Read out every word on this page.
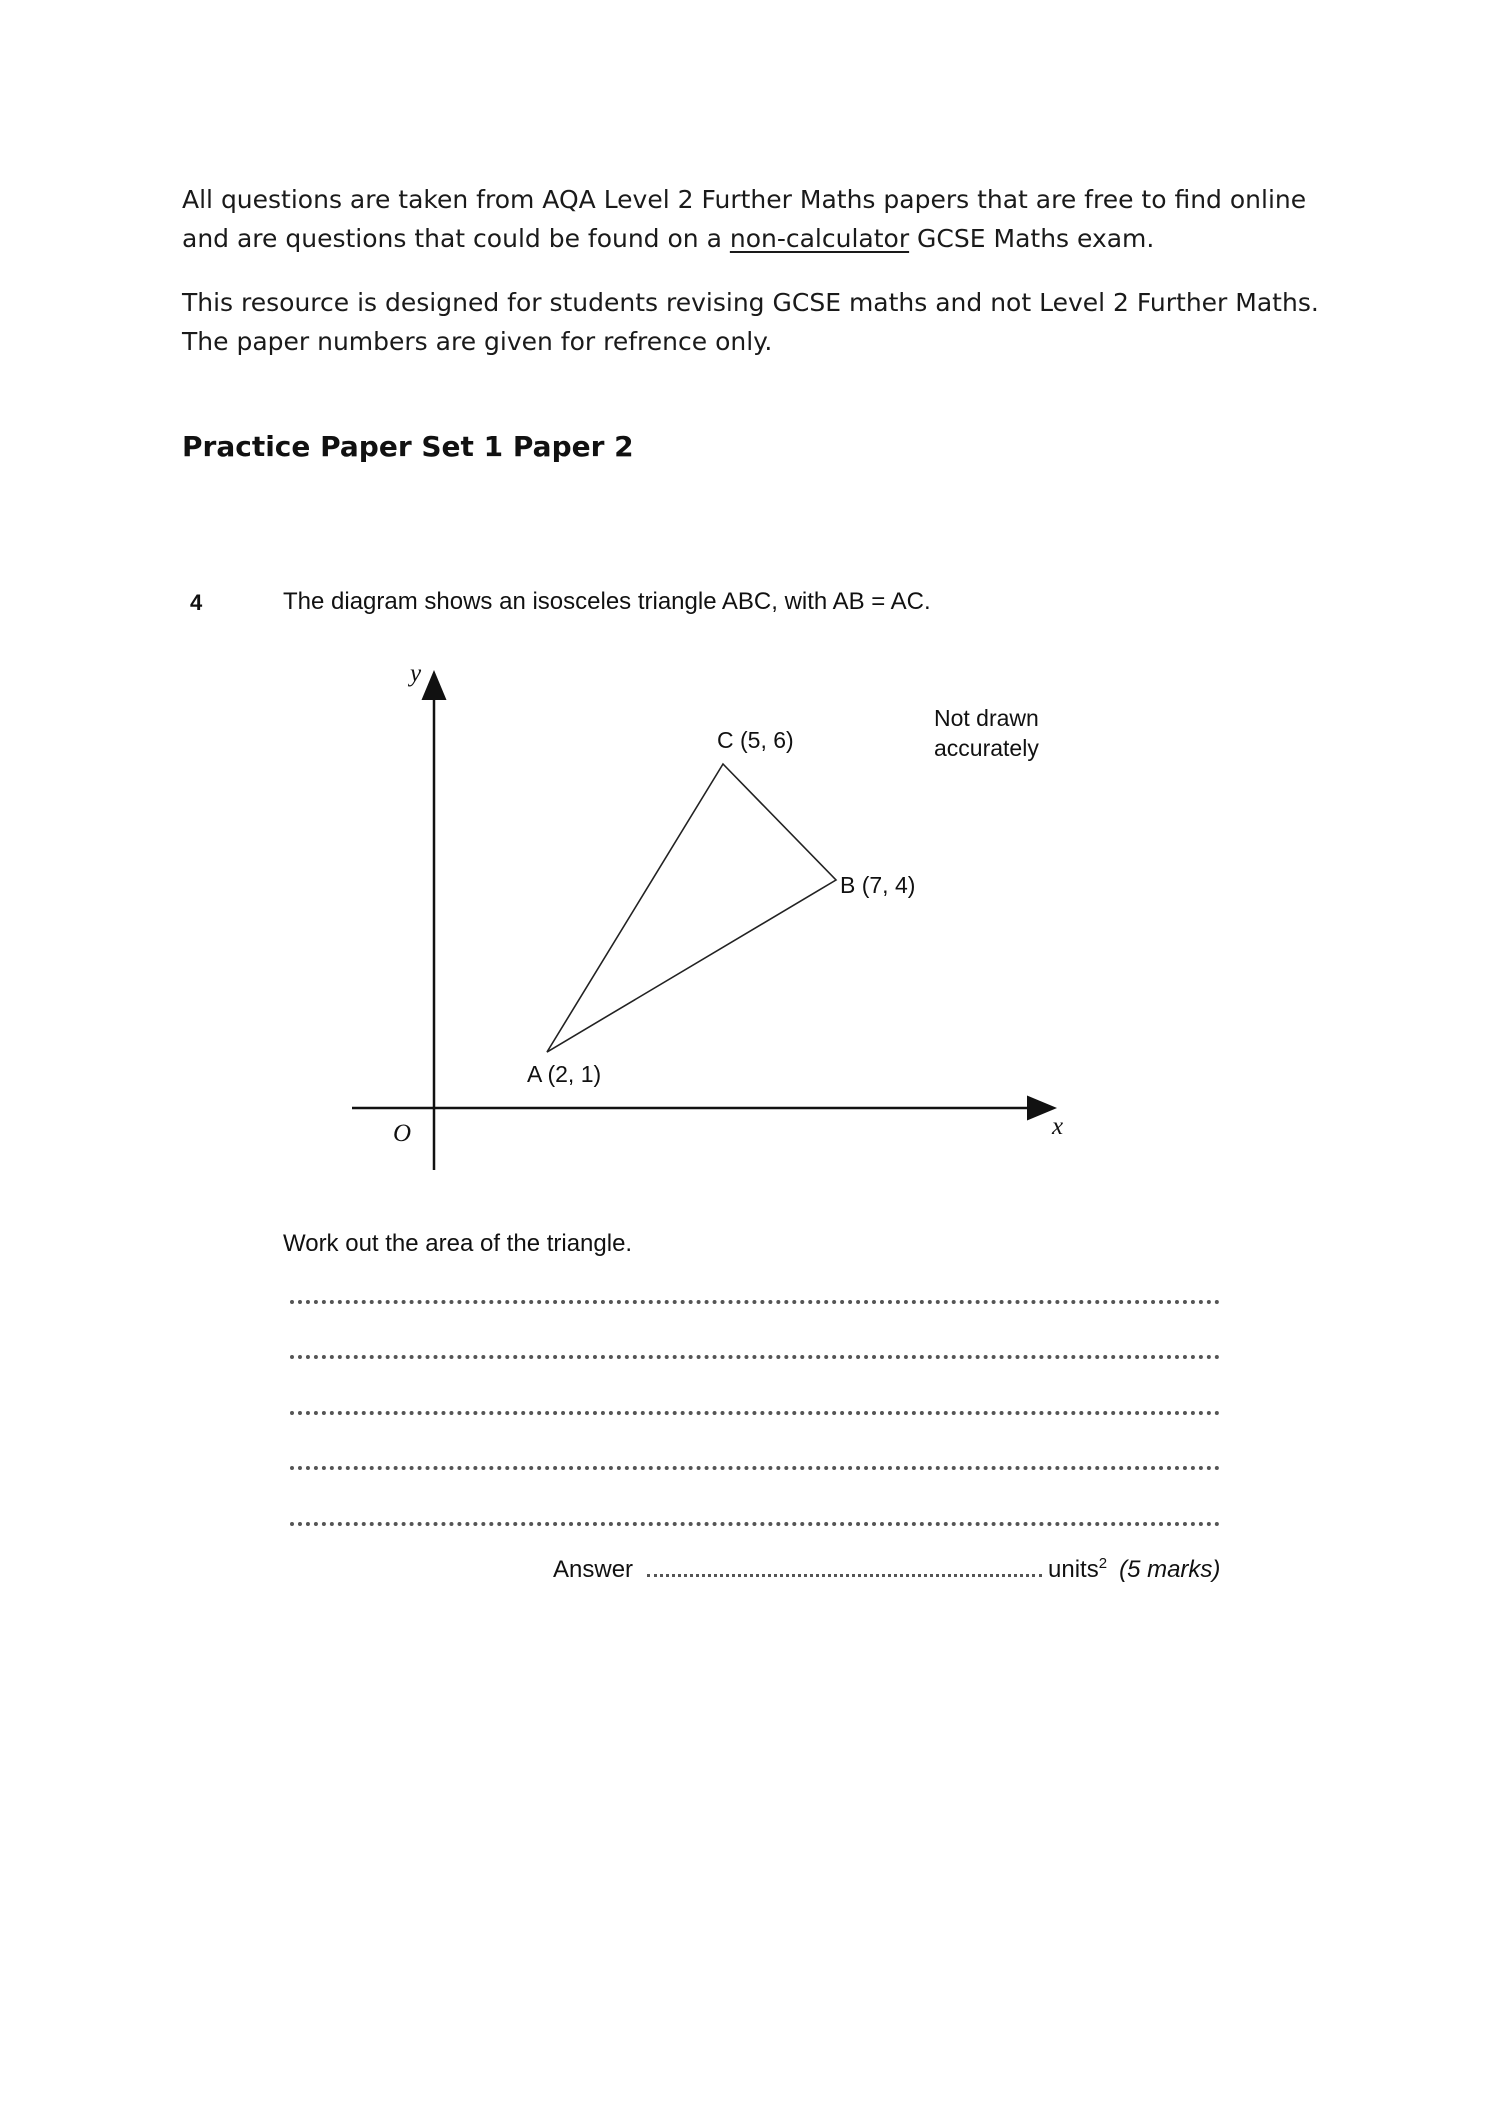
All questions are taken from AQA Level 2 Further Maths papers that are free to find online and are questions that could be found on a non-calculator GCSE Maths exam.

This resource is designed for students revising GCSE maths and not Level 2 Further Maths. The paper numbers are given for refrence only.

Practice Paper Set 1 Paper 2
4	The diagram shows an isosceles triangle ABC, with AB = AC.
y
x
O
C (5, 6)
B (7, 4)
A (2, 1)
Not drawn
accurately
Work out the area of the triangle.
Answer	units$^2$ (5 marks)
